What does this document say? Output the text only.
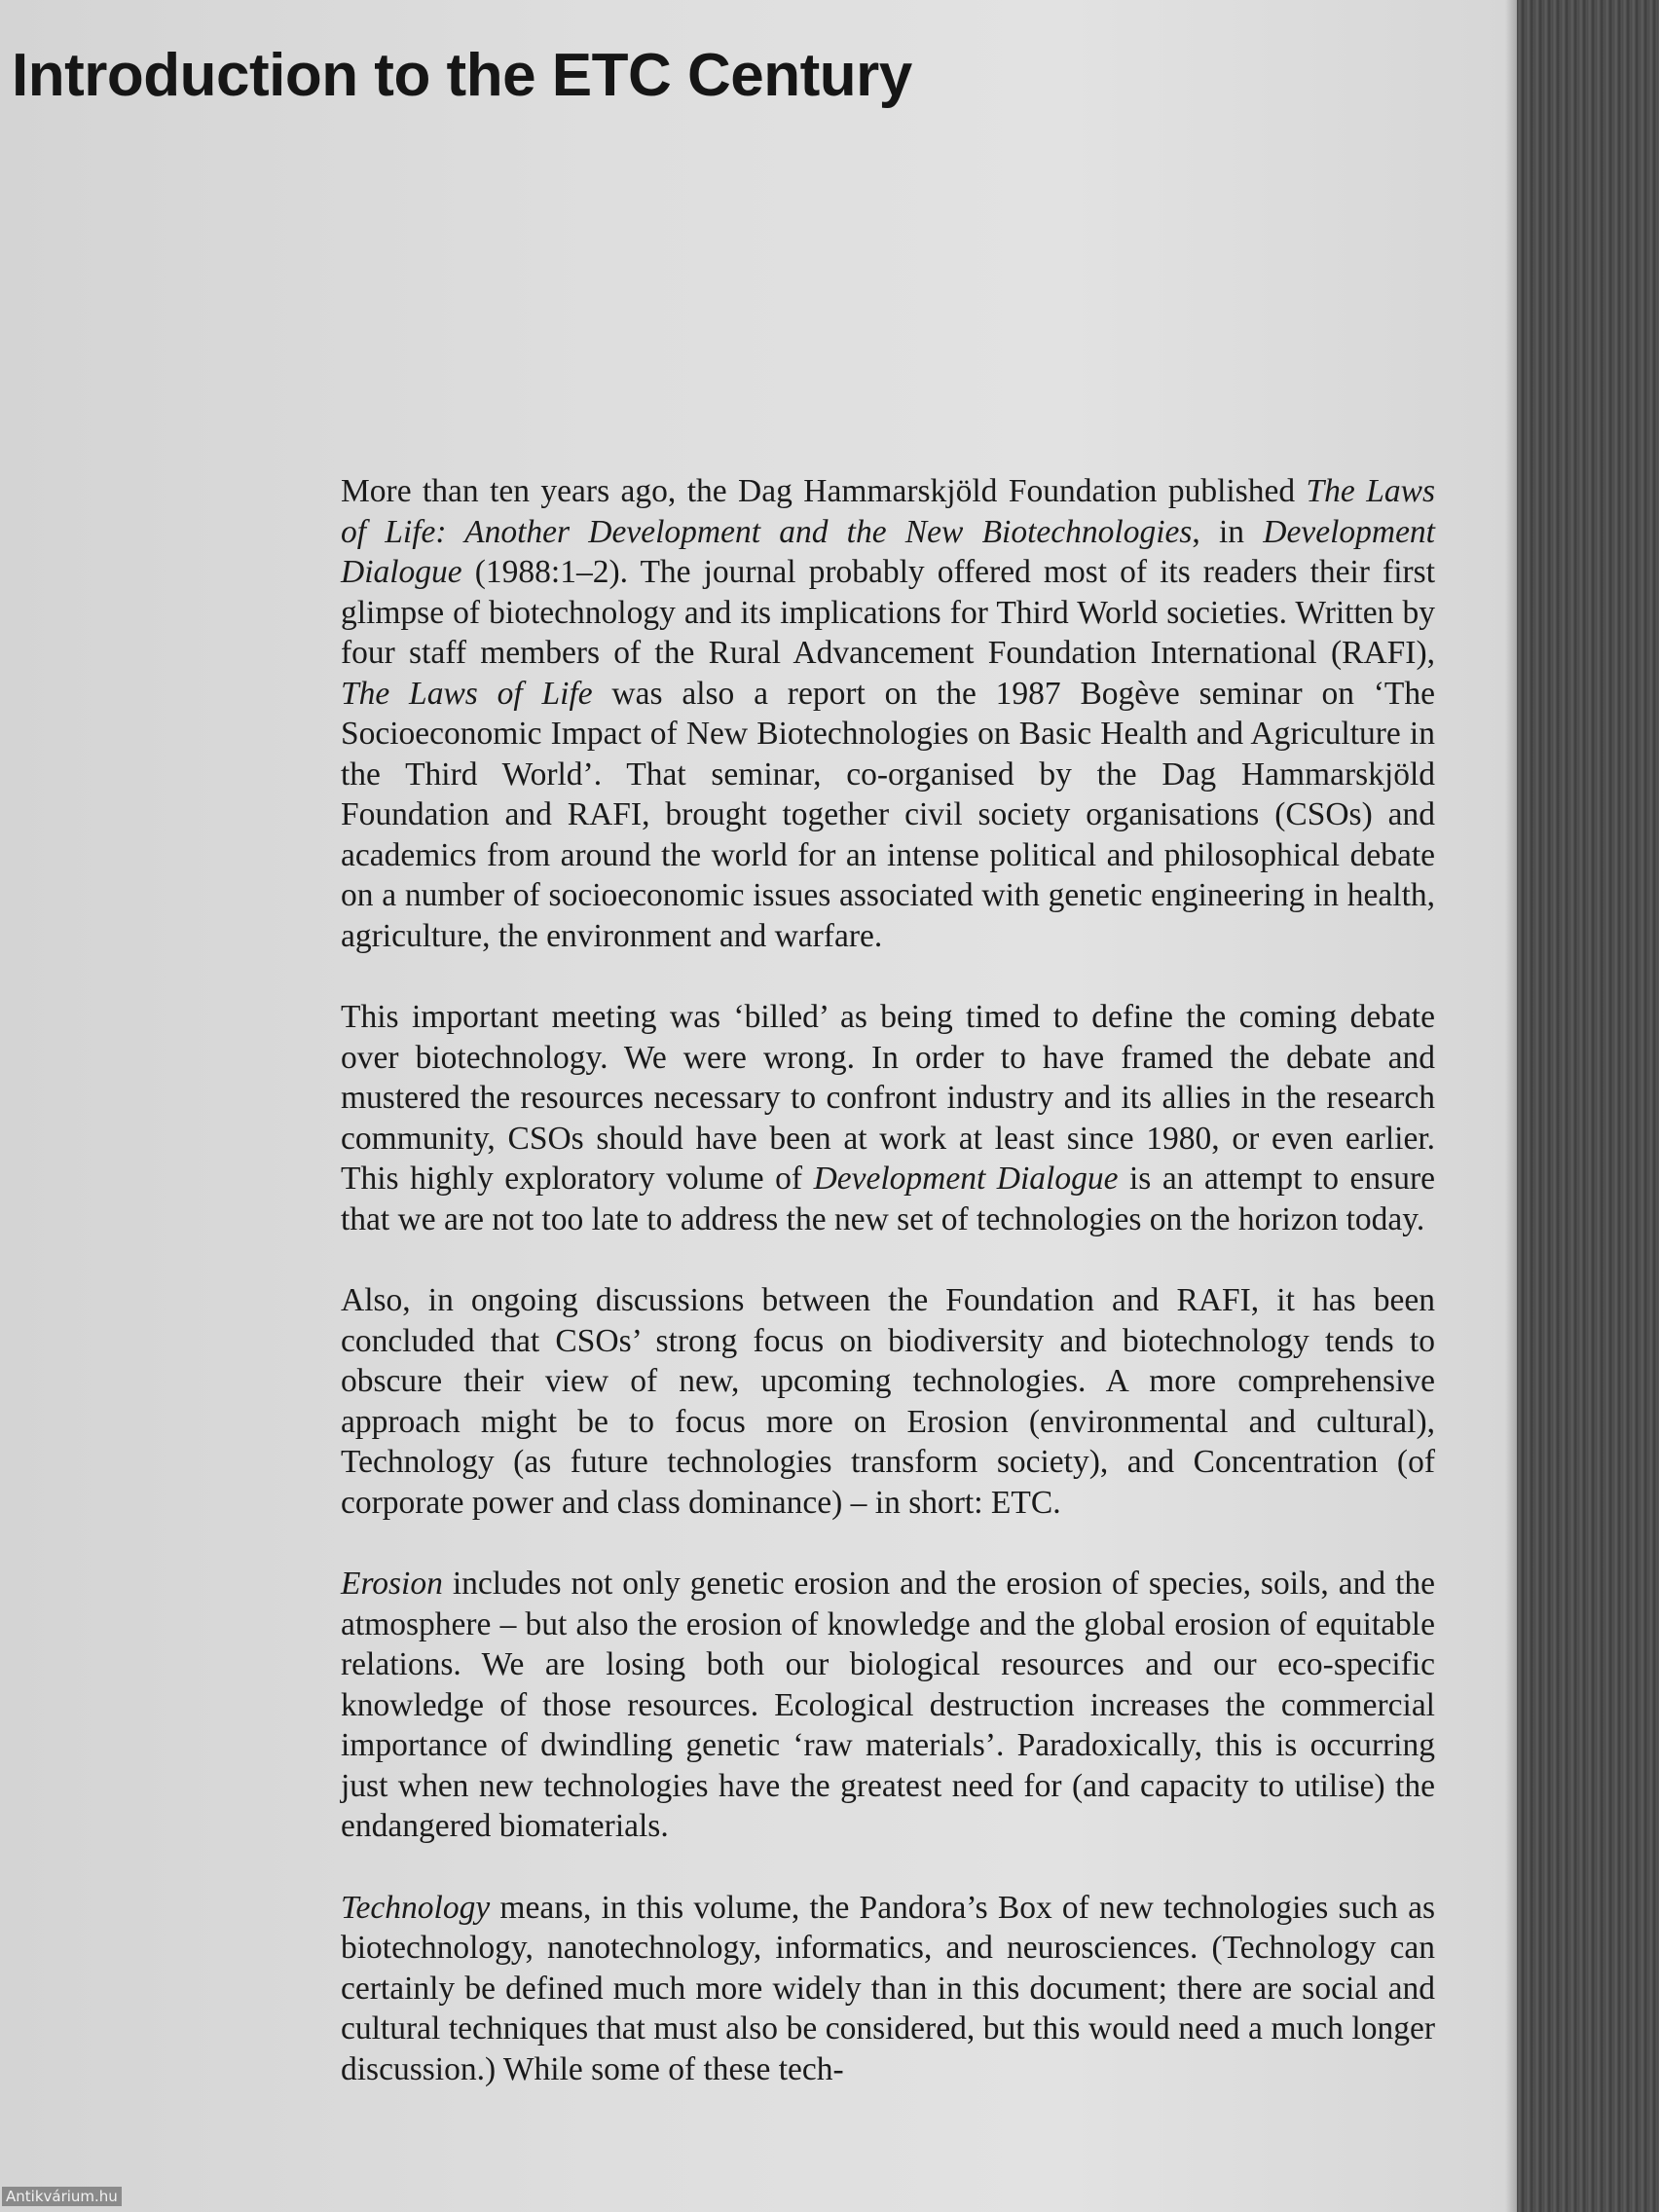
Introduction to the ETC Century

More than ten years ago, the Dag Hammarskjöld Foundation published The Laws of Life: Another Development and the New Biotechnologies, in Development Dialogue (1988:1–2). The journal probably offered most of its readers their first glimpse of biotechnology and its implications for Third World societies. Written by four staff members of the Rural Advancement Foundation International (RAFI), The Laws of Life was also a report on the 1987 Bogève seminar on ‘The Socioeconomic Impact of New Biotechnologies on Basic Health and Agriculture in the Third World’. That seminar, co-organised by the Dag Hammarskjöld Foundation and RAFI, brought together civil society organisations (CSOs) and academics from around the world for an intense political and philosophical debate on a number of socioeconomic issues associated with genetic engineering in health, agriculture, the environment and warfare.

This important meeting was ‘billed’ as being timed to define the coming debate over biotechnology. We were wrong. In order to have framed the debate and mustered the resources necessary to confront industry and its allies in the research community, CSOs should have been at work at least since 1980, or even earlier. This highly exploratory volume of Development Dialogue is an attempt to ensure that we are not too late to address the new set of technologies on the horizon today.

Also, in ongoing discussions between the Foundation and RAFI, it has been concluded that CSOs’ strong focus on biodiversity and biotechnology tends to obscure their view of new, upcoming technologies. A more comprehensive approach might be to focus more on Erosion (environmental and cultural), Technology (as future technologies transform society), and Concentration (of corporate power and class dominance) – in short: ETC.

Erosion includes not only genetic erosion and the erosion of species, soils, and the atmosphere – but also the erosion of knowledge and the global erosion of equitable relations. We are losing both our biological resources and our eco-specific knowledge of those resources. Ecological destruction increases the commercial importance of dwindling genetic ‘raw materials’. Paradoxically, this is occurring just when new technologies have the greatest need for (and capacity to utilise) the endangered biomaterials.

Technology means, in this volume, the Pandora’s Box of new technologies such as biotechnology, nanotechnology, informatics, and neurosciences. (Technology can certainly be defined much more widely than in this document; there are social and cultural techniques that must also be considered, but this would need a much longer discussion.) While some of these tech-

Antikvárium.hu
